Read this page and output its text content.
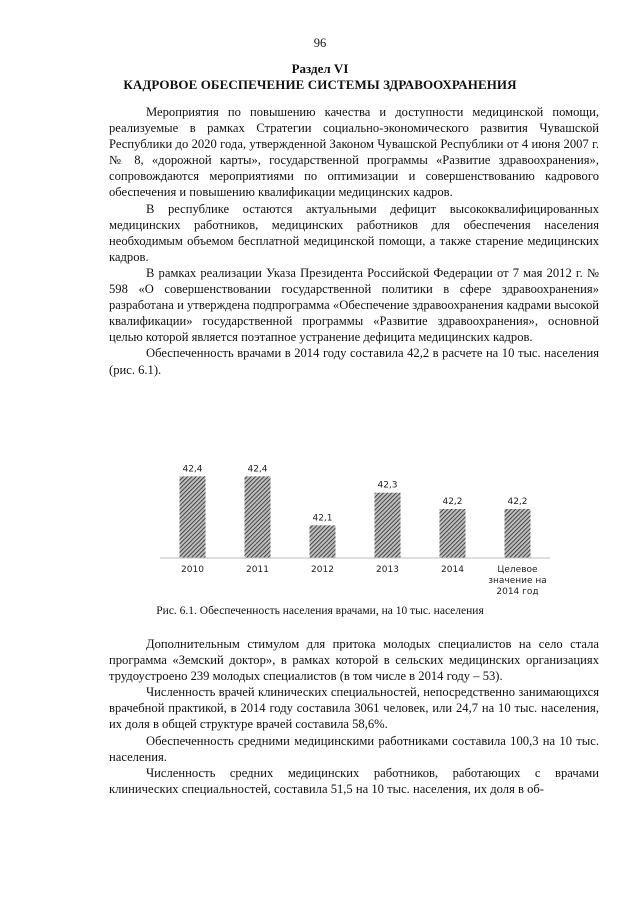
96
Раздел VI
КАДРОВОЕ ОБЕСПЕЧЕНИЕ СИСТЕМЫ ЗДРАВООХРАНЕНИЯ

Мероприятия по повышению качества и доступности медицинской помощи, реализуемые в рамках Стратегии социально-экономического развития Чувашской Республики до 2020 года, утвержденной Законом Чувашской Республики от 4 июня 2007 г. № 8, «дорожной карты», государственной программы «Развитие здравоохранения», сопровождаются мероприятиями по оптимизации и совершенствованию кадрового обеспечения и повышению квалификации медицинских кадров.

В республике остаются актуальными дефицит высококвалифицированных медицинских работников, медицинских работников для обеспечения населения необходимым объемом бесплатной медицинской помощи, а также старение медицинских кадров.

В рамках реализации Указа Президента Российской Федерации от 7 мая 2012 г. № 598 «О совершенствовании государственной политики в сфере здравоохранения» разработана и утверждена подпрограмма «Обеспечение здравоохранения кадрами высокой квалификации» государственной программы «Развитие здравоохранения», основной целью которой является поэтапное устранение дефицита медицинских кадров.

Обеспеченность врачами в 2014 году составила 42,2 в расчете на 10 тыс. населения (рис. 6.1).

42,4
2010
42,4
2011
42,1
2012
42,3
2013
42,2
2014
42,2
Целевое
значение на
2014 год
Рис. 6.1. Обеспеченность населения врачами, на 10 тыс. населения

Дополнительным стимулом для притока молодых специалистов на село стала программа «Земский доктор», в рамках которой в сельских медицинских организациях трудоустроено 239 молодых специалистов (в том числе в 2014 году – 53).

Численность врачей клинических специальностей, непосредственно занимающихся врачебной практикой, в 2014 году составила 3061 человек, или 24,7 на 10 тыс. населения, их доля в общей структуре врачей составила 58,6%.

Обеспеченность средними медицинскими работниками составила 100,3 на 10 тыс. населения.

Численность средних медицинских работников, работающих с врачами клинических специальностей, составила 51,5 на 10 тыс. населения, их доля в об-
